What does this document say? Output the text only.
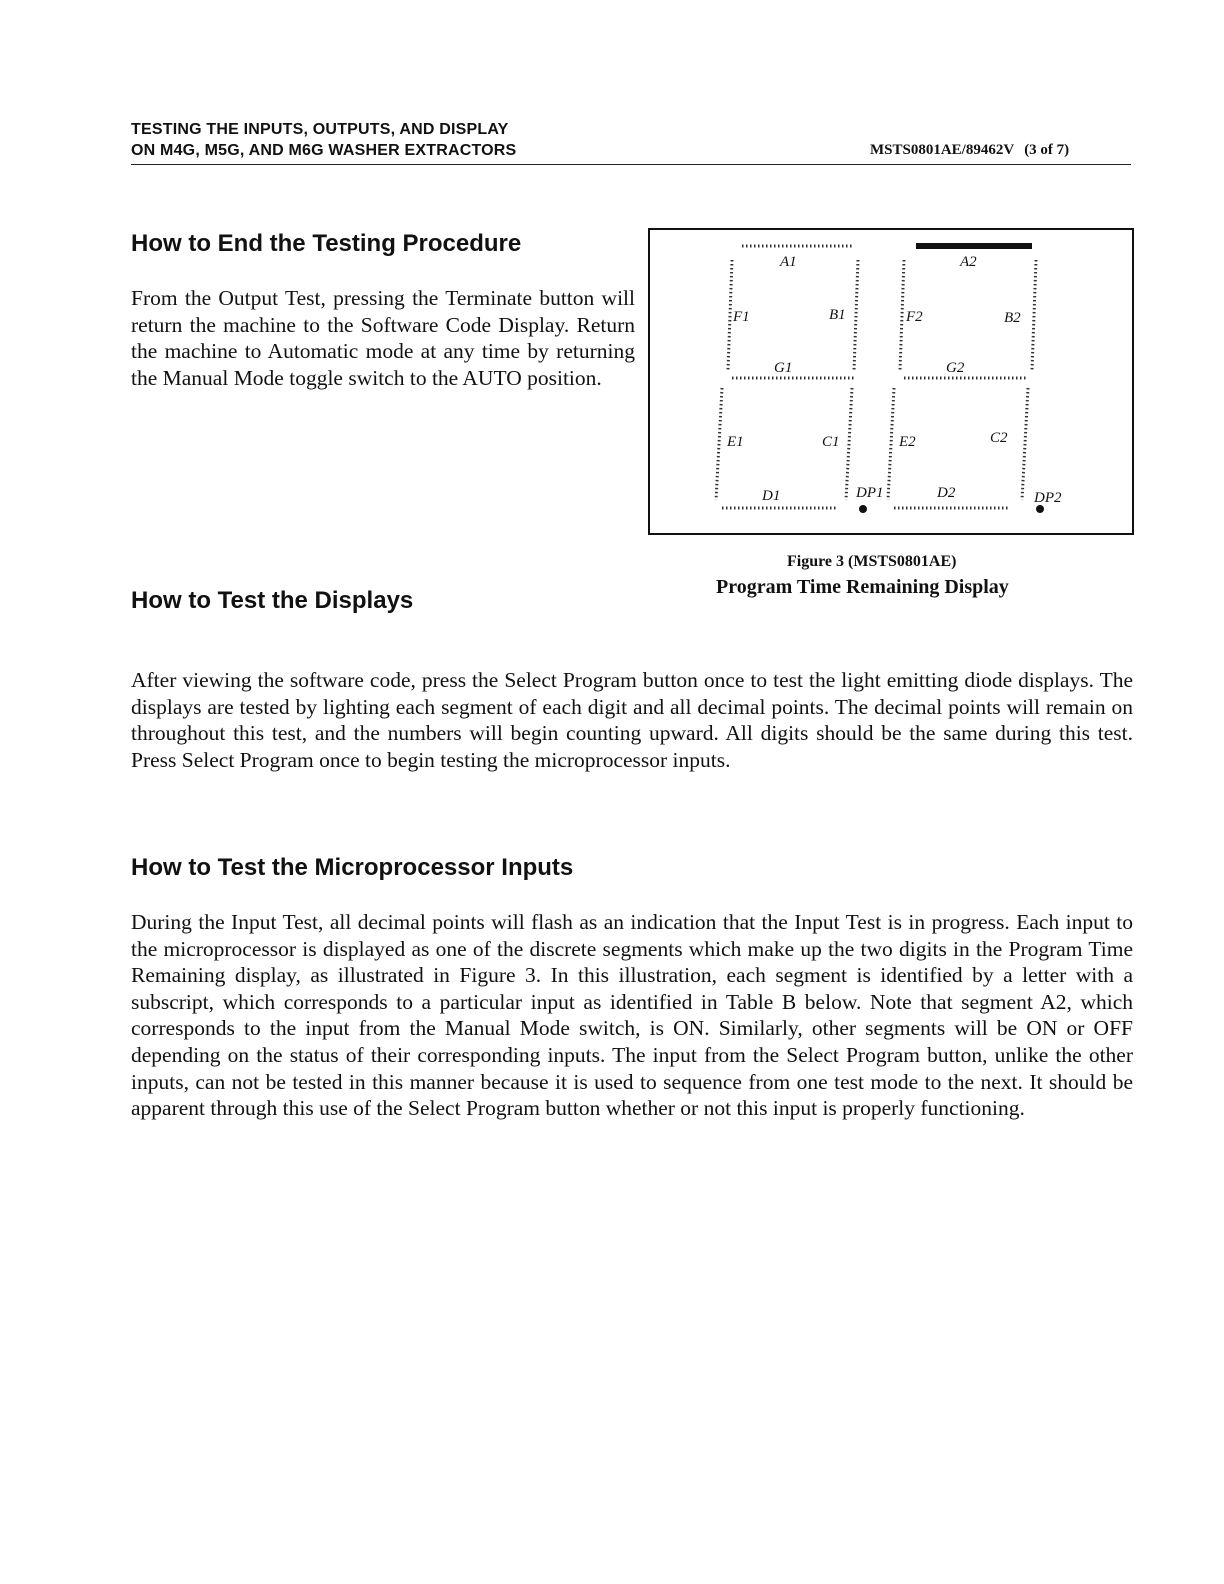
TESTING THE INPUTS, OUTPUTS, AND DISPLAY
ON M4G, M5G, AND M6G WASHER EXTRACTORS	MSTS0801AE/89462V (3 of 7)
How to End the Testing Procedure

From the Output Test, pressing the Terminate button will return the machine to the Software Code Display. Return the machine to Automatic mode at any time by returning the Manual Mode toggle switch to the AUTO position.

A1	A2
F1	B1	F2	B2
G1	G2
E1	C1	E2	C2
D1	DP1	D2	DP2
Figure 3 (MSTS0801AE)
Program Time Remaining Display
How to Test the Displays

After viewing the software code, press the Select Program button once to test the light emitting diode displays. The displays are tested by lighting each segment of each digit and all decimal points. The decimal points will remain on throughout this test, and the numbers will begin counting upward. All digits should be the same during this test. Press Select Program once to begin testing the microprocessor inputs.

How to Test the Microprocessor Inputs

During the Input Test, all decimal points will flash as an indication that the Input Test is in progress. Each input to the microprocessor is displayed as one of the discrete segments which make up the two digits in the Program Time Remaining display, as illustrated in Figure 3. In this illustration, each segment is identified by a letter with a subscript, which corresponds to a particular input as identified in Table B below. Note that segment A2, which corresponds to the input from the Manual Mode switch, is ON. Similarly, other segments will be ON or OFF depending on the status of their corresponding inputs. The input from the Select Program button, unlike the other inputs, can not be tested in this manner because it is used to sequence from one test mode to the next. It should be apparent through this use of the Select Program button whether or not this input is properly functioning.
